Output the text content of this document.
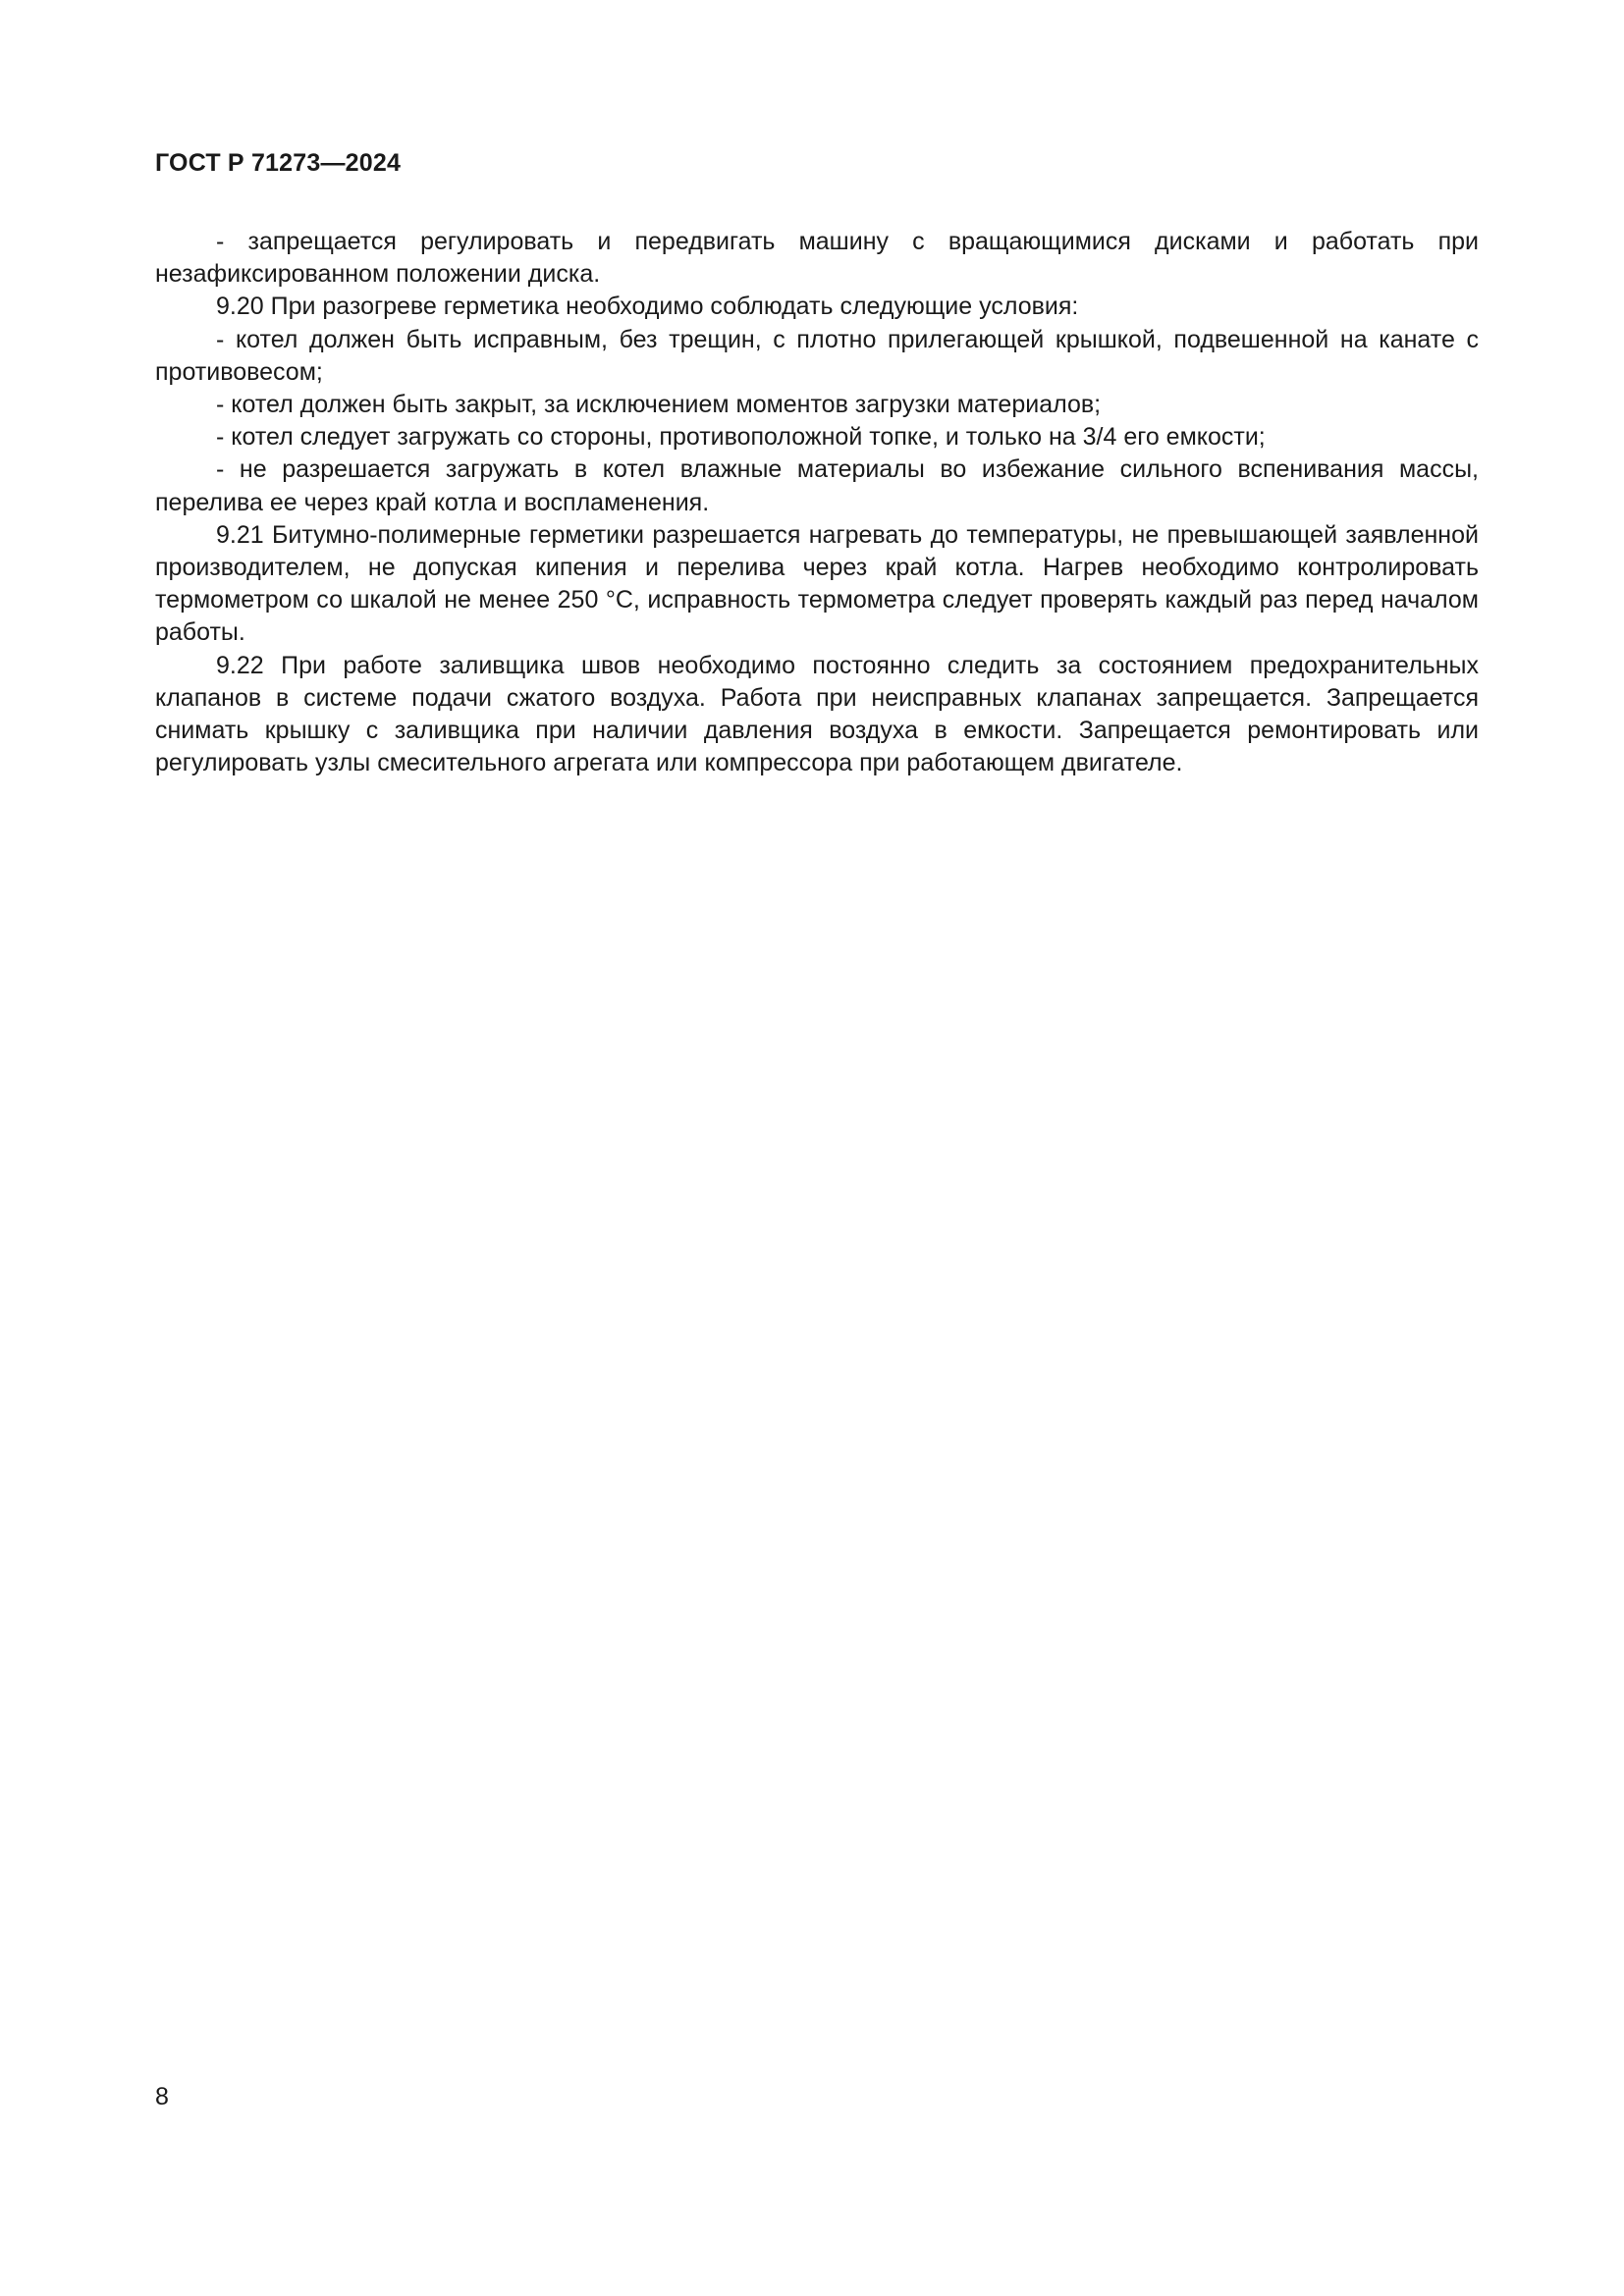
ГОСТ Р 71273—2024

- запрещается регулировать и передвигать машину с вращающимися дисками и работать при незафиксированном положении диска.

9.20 При разогреве герметика необходимо соблюдать следующие условия:

- котел должен быть исправным, без трещин, с плотно прилегающей крышкой, подвешенной на канате с противовесом;

- котел должен быть закрыт, за исключением моментов загрузки материалов;

- котел следует загружать со стороны, противоположной топке, и только на 3/4 его емкости;

- не разрешается загружать в котел влажные материалы во избежание сильного вспенивания массы, перелива ее через край котла и воспламенения.

9.21 Битумно-полимерные герметики разрешается нагревать до температуры, не превышающей заявленной производителем, не допуская кипения и перелива через край котла. Нагрев необходимо контролировать термометром со шкалой не менее 250 °С, исправность термометра следует проверять каждый раз перед началом работы.

9.22 При работе заливщика швов необходимо постоянно следить за состоянием предохранительных клапанов в системе подачи сжатого воздуха. Работа при неисправных клапанах запрещается. Запрещается снимать крышку с заливщика при наличии давления воздуха в емкости. Запрещается ремонтировать или регулировать узлы смесительного агрегата или компрессора при работающем двигателе.

8
